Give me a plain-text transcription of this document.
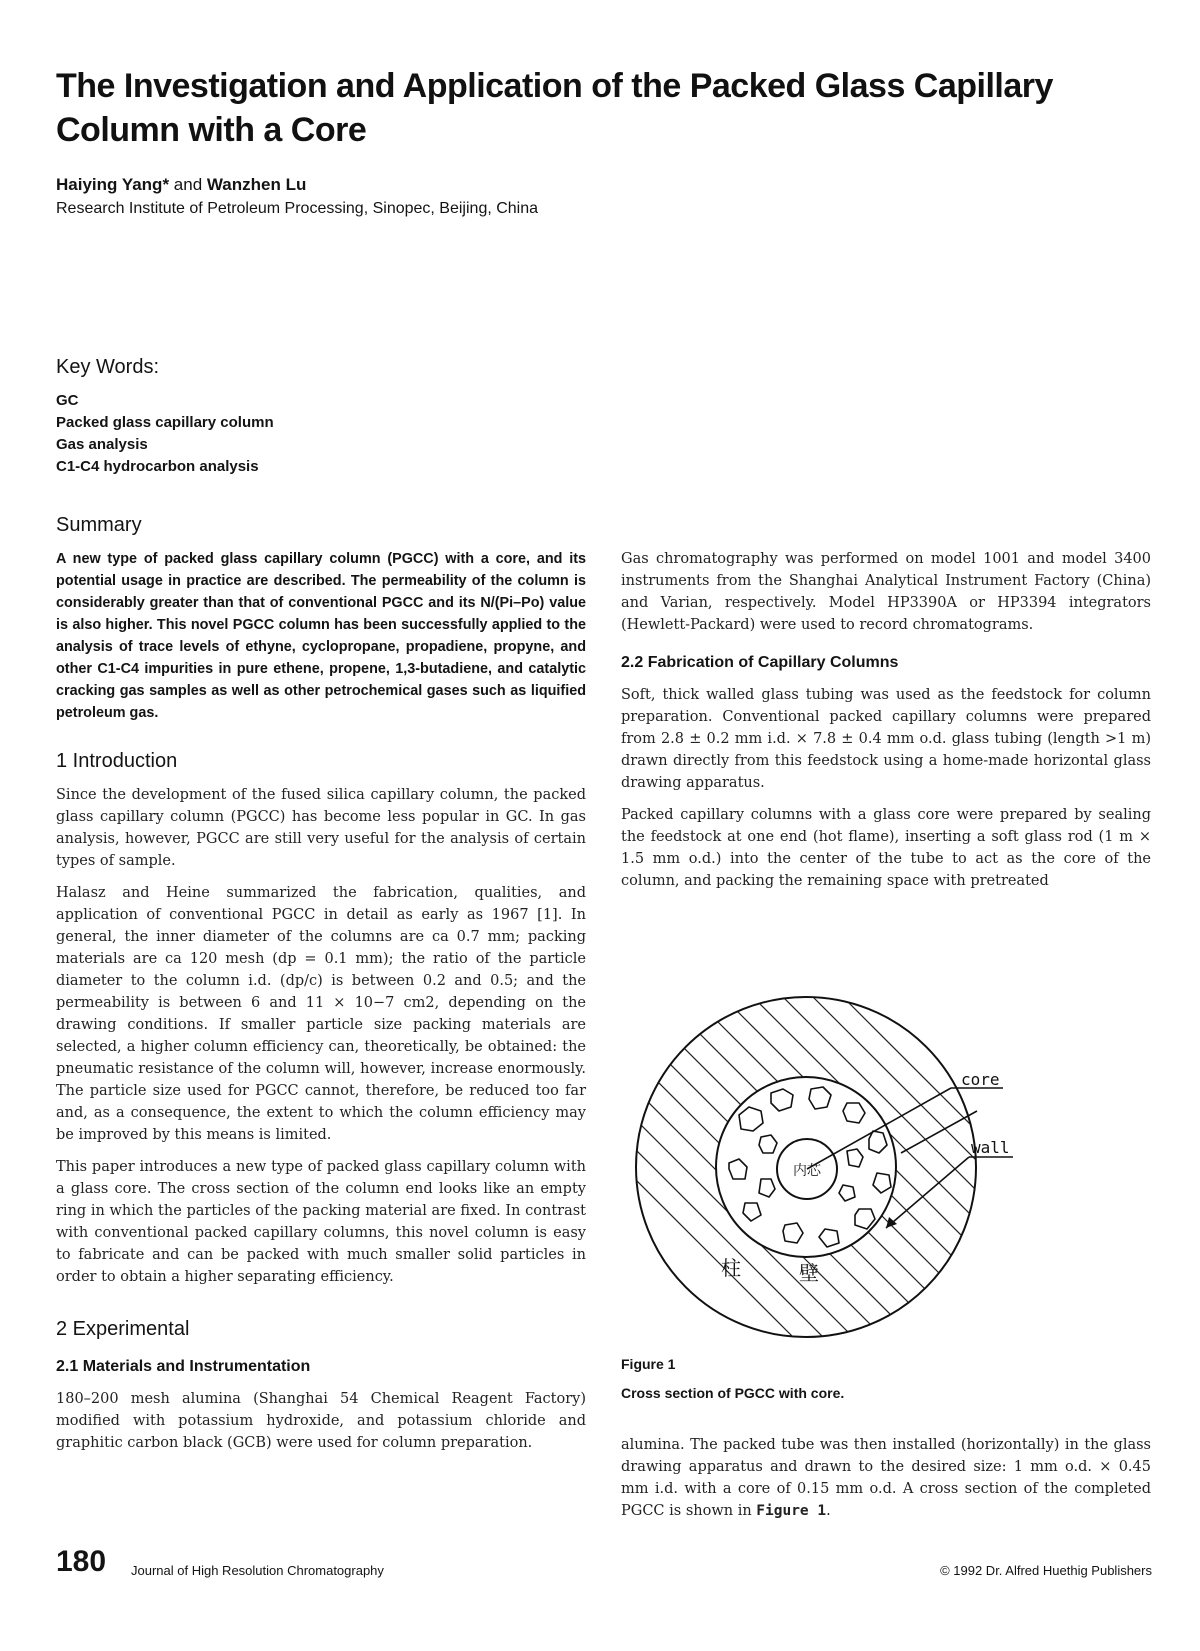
The Investigation and Application of the Packed Glass Capillary Column with a Core
Haiying Yang* and Wanzhen Lu
Research Institute of Petroleum Processing, Sinopec, Beijing, China
Key Words:
GC
Packed glass capillary column
Gas analysis
C1-C4 hydrocarbon analysis
Summary

A new type of packed glass capillary column (PGCC) with a core, and its potential usage in practice are described. The permeability of the column is considerably greater than that of conventional PGCC and its N/(Pi–Po) value is also higher. This novel PGCC column has been successfully applied to the analysis of trace levels of ethyne, cyclopropane, propadiene, propyne, and other C1-C4 impurities in pure ethene, propene, 1,3-butadiene, and catalytic cracking gas samples as well as other petrochemical gases such as liquified petroleum gas.

1 Introduction

Since the development of the fused silica capillary column, the packed glass capillary column (PGCC) has become less popular in GC. In gas analysis, however, PGCC are still very useful for the analysis of certain types of sample.

Halasz and Heine summarized the fabrication, qualities, and application of conventional PGCC in detail as early as 1967 [1]. In general, the inner diameter of the columns are ca 0.7 mm; packing materials are ca 120 mesh (dp = 0.1 mm); the ratio of the particle diameter to the column i.d. (dp/c) is between 0.2 and 0.5; and the permeability is between 6 and 11 × 10−7 cm2, depending on the drawing conditions. If smaller particle size packing materials are selected, a higher column efficiency can, theoretically, be obtained: the pneumatic resistance of the column will, however, increase enormously. The particle size used for PGCC cannot, therefore, be reduced too far and, as a consequence, the extent to which the column efficiency may be improved by this means is limited.

This paper introduces a new type of packed glass capillary column with a glass core. The cross section of the column end looks like an empty ring in which the particles of the packing material are fixed. In contrast with conventional packed capillary columns, this novel column is easy to fabricate and can be packed with much smaller solid particles in order to obtain a higher separating efficiency.

2 Experimental
2.1 Materials and Instrumentation

180–200 mesh alumina (Shanghai 54 Chemical Reagent Factory) modified with potassium hydroxide, and potassium chloride and graphitic carbon black (GCB) were used for column preparation.

Gas chromatography was performed on model 1001 and model 3400 instruments from the Shanghai Analytical Instrument Factory (China) and Varian, respectively. Model HP3390A or HP3394 integrators (Hewlett-Packard) were used to record chromatograms.

2.2 Fabrication of Capillary Columns

Soft, thick walled glass tubing was used as the feedstock for column preparation. Conventional packed capillary columns were prepared from 2.8 ± 0.2 mm i.d. × 7.8 ± 0.4 mm o.d. glass tubing (length >1 m) drawn directly from this feedstock using a home-made horizontal glass drawing apparatus.

Packed capillary columns with a glass core were prepared by sealing the feedstock at one end (hot flame), inserting a soft glass rod (1 m × 1.5 mm o.d.) into the center of the tube to act as the core of the column, and packing the remaining space with pretreated

内芯
core
wall
柱	壁

Figure 1

Cross section of PGCC with core.

alumina. The packed tube was then installed (horizontally) in the glass drawing apparatus and drawn to the desired size: 1 mm o.d. × 0.45 mm i.d. with a core of 0.15 mm o.d. A cross section of the completed PGCC is shown in Figure 1.

180 Journal of High Resolution Chromatography	© 1992 Dr. Alfred Huethig Publishers
